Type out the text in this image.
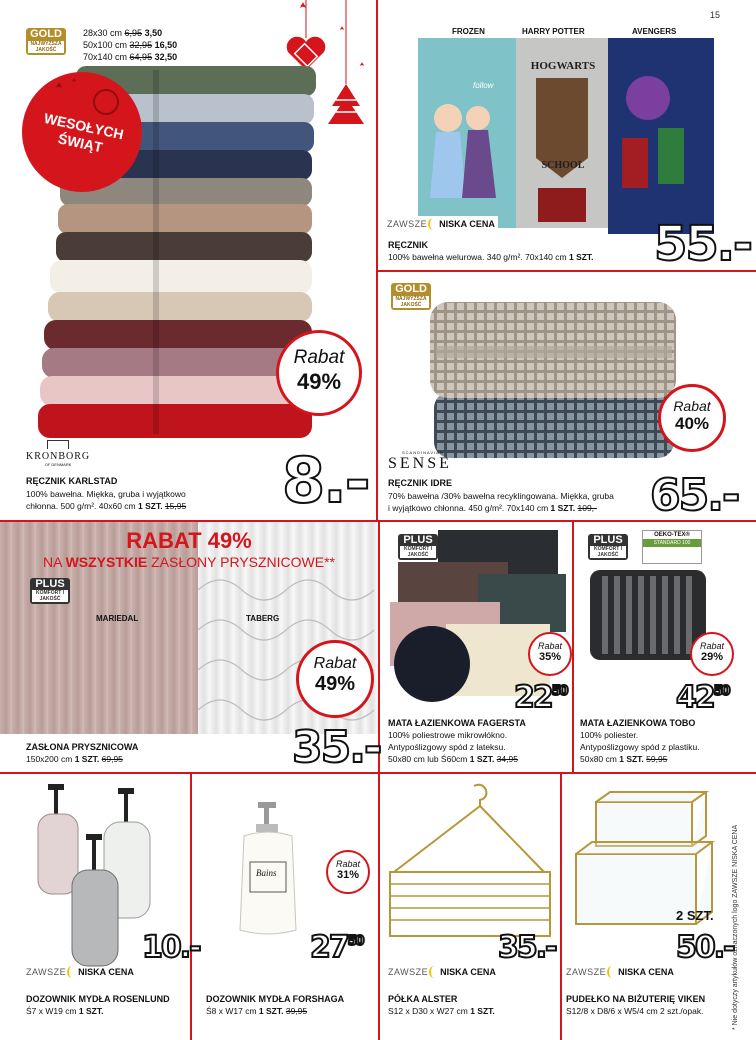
15
GOLD
NAJWYŻSZA JAKOŚĆ
28x30 cm 6,95 3,50
50x100 cm 32,95 16,50
70x140 cm 64,95 32,50
WESOŁYCH ŚWIĄT
Rabat
49%
KRONBORG
OF DENMARK
RĘCZNIK KARLSTAD
100% bawełna. Miękka, gruba i wyjątkowo
chłonna. 500 g/m². 40x60 cm 1 SZT. 15,95 8.-
FROZEN	HARRY POTTER	AVENGERS
follow
HOGWARTS
SCHOOL
ZAWSZE NISKA CENA
RĘCZNIK
100% bawełna welurowa. 340 g/m². 70x140 cm 1 SZT. 55.-
GOLD
NAJWYŻSZA JAKOŚĆ
Rabat
40%
SCANDINAVIAN
SENSE
RĘCZNIK IDRE
70% bawełna /30% bawełna recyklingowana. Miękka, gruba
i wyjątkowo chłonna. 450 g/m². 70x140 cm 1 SZT. 109,-	65.-
RABAT 49%
NA WSZYSTKIE ZASŁONY PRYSZNICOWE**
PLUS
KOMFORT I JAKOŚĆ
MARIEDAL	TABERG
Rabat
49%
ZASŁONA PRYSZNICOWA
150x200 cm 1 SZT. 69,95	35.-
PLUS
KOMFORT I JAKOŚĆ
Rabat
35%
$22^{50}$
MATA ŁAZIENKOWA FAGERSTA
100% poliestrowe mikrowłókno.
Antypoślizgowy spód z lateksu.
50x80 cm lub Ś60cm 1 SZT. 34,95
PLUS
KOMFORT I JAKOŚĆ
OEKO-TEX®
STANDARD 100
Rabat
29%
$42^{50}$
MATA ŁAZIENKOWA TOBO
100% poliester.
Antypoślizgowy spód z plastiku.
50x80 cm 1 SZT. 59,95
10.-
ZAWSZE NISKA CENA
DOZOWNIK MYDŁA ROSENLUND
Ś7 x W19 cm 1 SZT.
Bains
Rabat
31%
$27^{50}$
DOZOWNIK MYDŁA FORSHAGA
Ś8 x W17 cm 1 SZT. 39,95
35.-
ZAWSZE NISKA CENA
PÓŁKA ALSTER
S12 x D30 x W27 cm 1 SZT.
2 SZT.
50.-
ZAWSZE NISKA CENA
PUDEŁKO NA BIŻUTERIĘ VIKEN
S12/8 x D8/6 x W5/4 cm 2 szt./opak.	* Nie dotyczy artykułów oznaczonych logo ZAWSZE NISKA CENA
